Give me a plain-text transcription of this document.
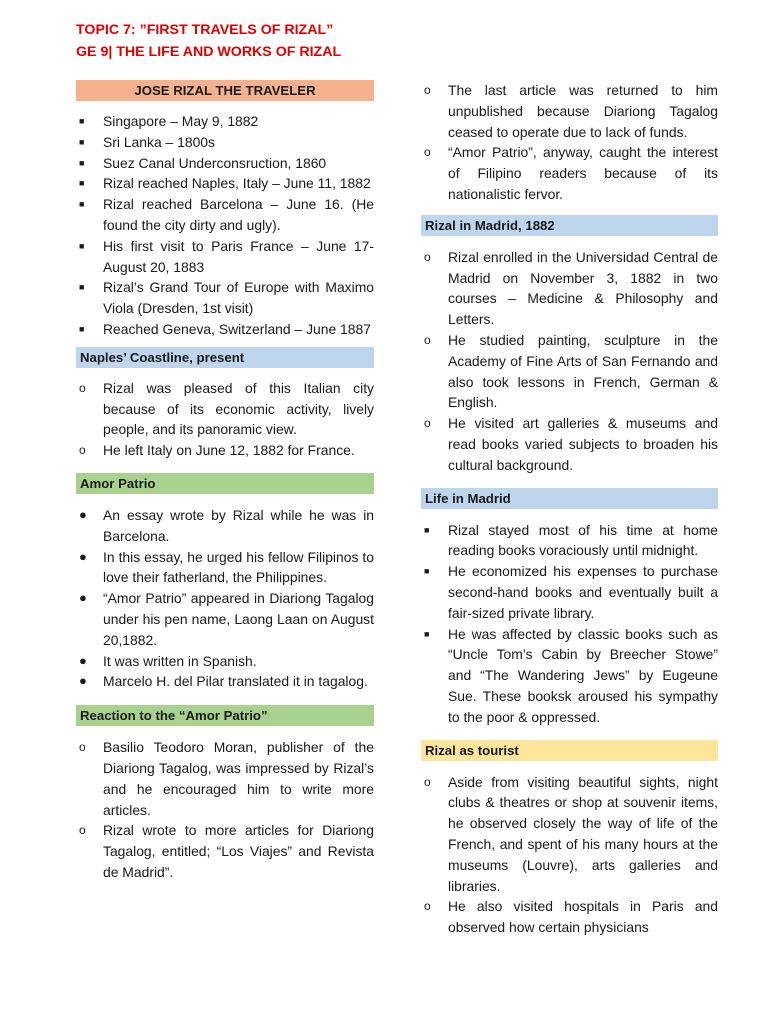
TOPIC 7: ”FIRST TRAVELS OF RIZAL”
GE 9| THE LIFE AND WORKS OF RIZAL
JOSE RIZAL THE TRAVELER
■	Singapore – May 9, 1882
■	Sri Lanka – 1800s
■	Suez Canal Underconsruction, 1860
■	Rizal reached Naples, Italy – June 11, 1882
■	Rizal reached Barcelona – June 16. (He found the city dirty and ugly).
■	His first visit to Paris France – June 17- August 20, 1883
■	Rizal’s Grand Tour of Europe with Maximo Viola (Dresden, 1st visit)
■	Reached Geneva, Switzerland – June 1887
Naples’ Coastline, present
o	Rizal was pleased of this Italian city because of its economic activity, lively people, and its panoramic view.
o	He left Italy on June 12, 1882 for France.
Amor Patrio
●	An essay wrote by Rizal while he was in Barcelona.
●	In this essay, he urged his fellow Filipinos to love their fatherland, the Philippines.
●	“Amor Patrio” appeared in Diariong Tagalog under his pen name, Laong Laan on August 20,1882.
●	It was written in Spanish.
●	Marcelo H. del Pilar translated it in tagalog.
Reaction to the “Amor Patrio”
o	Basilio Teodoro Moran, publisher of the Diariong Tagalog, was impressed by Rizal’s and he encouraged him to write more articles.
o	Rizal wrote to more articles for Diariong Tagalog, entitled; “Los Viajes” and Revista de Madrid”.
o	The last article was returned to him unpublished because Diariong Tagalog ceased to operate due to lack of funds.
o	“Amor Patrio”, anyway, caught the interest of Filipino readers because of its nationalistic fervor.
Rizal in Madrid, 1882
o	Rizal enrolled in the Universidad Central de Madrid on November 3, 1882 in two courses – Medicine & Philosophy and Letters.
o	He studied painting, sculpture in the Academy of Fine Arts of San Fernando and also took lessons in French, German & English.
o	He visited art galleries & museums and read books varied subjects to broaden his cultural background.
Life in Madrid
■	Rizal stayed most of his time at home reading books voraciously until midnight.
■	He economized his expenses to purchase second-hand books and eventually built a fair-sized private library.
■	He was affected by classic books such as “Uncle Tom’s Cabin by Breecher Stowe” and “The Wandering Jews” by Eugeune Sue. These booksk aroused his sympathy to the poor & oppressed.
Rizal as tourist
o	Aside from visiting beautiful sights, night clubs & theatres or shop at souvenir items, he observed closely the way of life of the French, and spent of his many hours at the museums (Louvre), arts galleries and libraries.
o	He also visited hospitals in Paris and observed how certain physicians
